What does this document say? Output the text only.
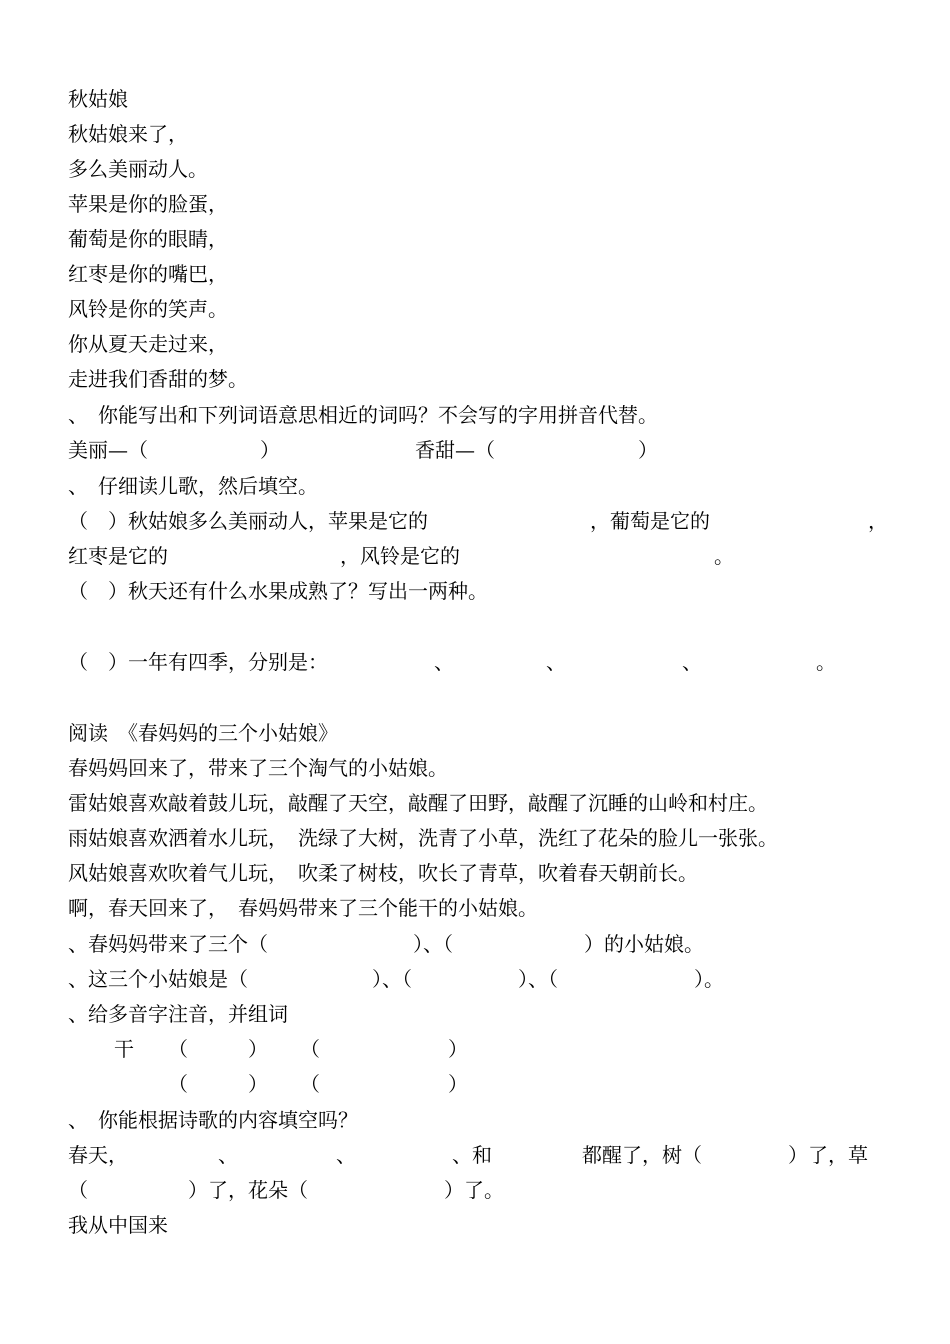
秋姑娘
秋姑娘来了，
多么美丽动人。
苹果是你的脸蛋，
葡萄是你的眼睛，
红枣是你的嘴巴，
风铃是你的笑声。
你从夏天走过来，
走进我们香甜的梦。
、　你能写出和下列词语意思相近的词吗？不会写的字用拼音代替。
美丽—（	）	香甜—（	）
、　仔细读儿歌，然后填空。
（　）秋姑娘多么美丽动人，苹果是它的	，葡萄是它的	，
红枣是它的	，风铃是它的	。
（　）秋天还有什么水果成熟了？写出一两种。
（　）一年有四季，分别是：	、	、	、	。
阅读　《春妈妈的三个小姑娘》
春妈妈回来了，带来了三个淘气的小姑娘。
雷姑娘喜欢敲着鼓儿玩，敲醒了天空，敲醒了田野，敲醒了沉睡的山岭和村庄。
雨姑娘喜欢洒着水儿玩，　洗绿了大树，洗青了小草，洗红了花朵的脸儿一张张。
风姑娘喜欢吹着气儿玩，　吹柔了树枝，吹长了青草，吹着春天朝前长。
啊，春天回来了，　春妈妈带来了三个能干的小姑娘。
、春妈妈带来了三个（	）、（	）的小姑娘。
、这三个小姑娘是（	）、（	）、（	）。
、给多音字注音，并组词
干 （	） （	）
（	） （	）
、　你能根据诗歌的内容填空吗？
春天，	、	、	、和	都醒了，树（	）了，草
（	）了，花朵（	）了。
我从中国来
